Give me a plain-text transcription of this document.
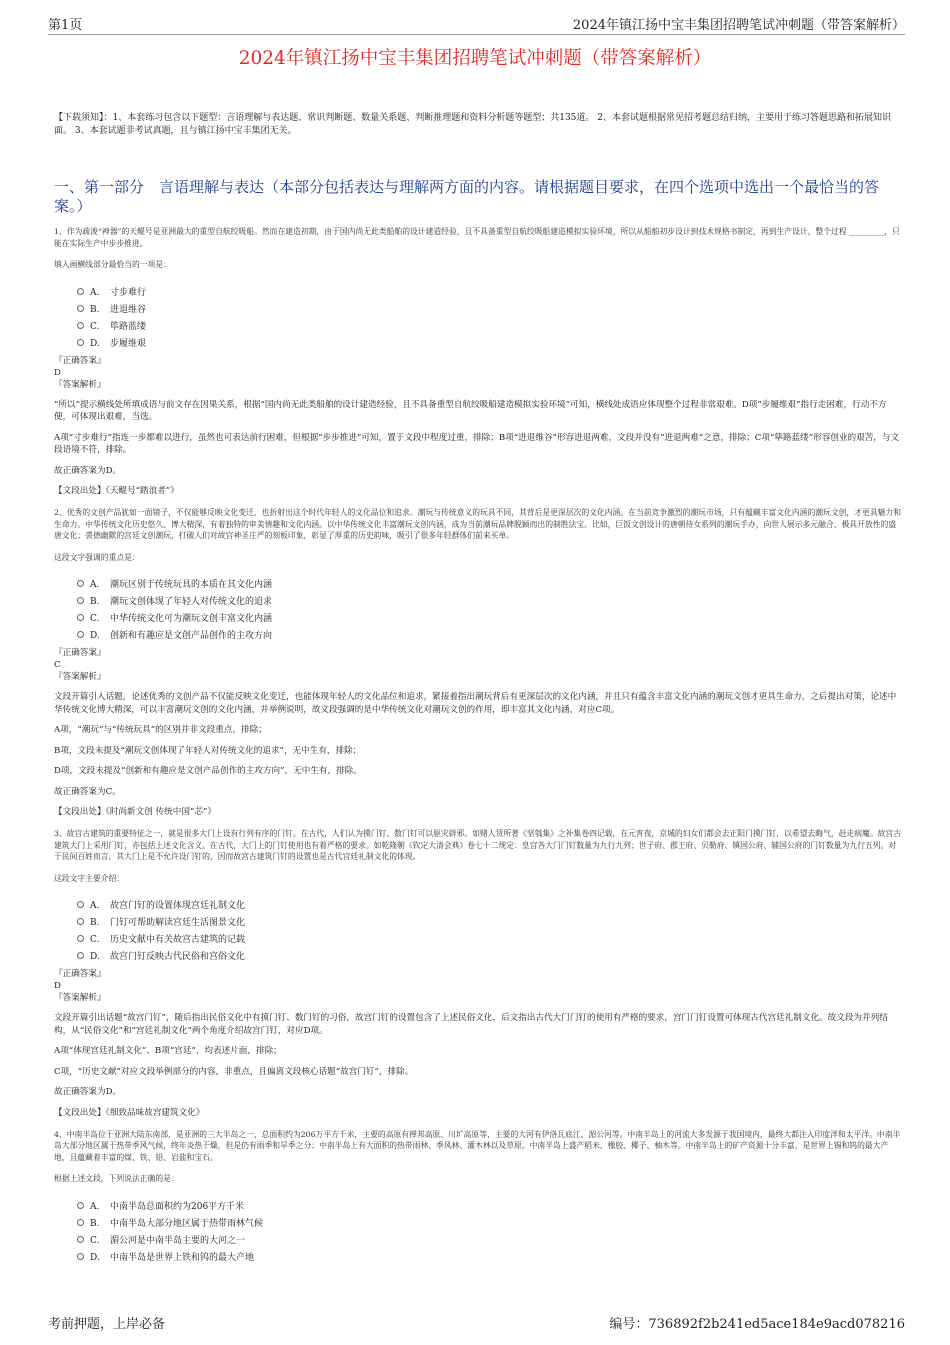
第1页	2024年镇江扬中宝丰集团招聘笔试冲刺题（带答案解析）
2024年镇江扬中宝丰集团招聘笔试冲刺题（带答案解析）
【下载须知】：1、本套练习包含以下题型：言语理解与表达题、常识判断题、数量关系题、判断推理题和资料分析题等题型；共135道。 2、本套试题根据常见招考题总结归纳，主要用于练习答题思路和拓展知识面。 3、本套试题非考试真题，且与镇江扬中宝丰集团无关。
一、第一部分　言语理解与表达（本部分包括表达与理解两方面的内容。请根据题目要求，在四个选项中选出一个最恰当的答案。）
1、作为疏浚“神器”的天鲲号是亚洲最大的重型自航绞吸船。然而在建造初期，由于国内尚无此类船舶的设计建造经验，且不具备重型自航绞吸船建造模拟实验环境，所以从船舶初步设计到技术规格书制定，再到生产设计，整个过程 _________，只能在实际生产中步步推进。
填入画横线部分最恰当的一项是：
A. 寸步难行
B. 进退维谷
C. 筚路蓝缕
D. 步履维艰
『正确答案』
D
『答案解析』
“所以”提示横线处所填成语与前文存在因果关系，根据“国内尚无此类船舶的设计建造经验，且不具备重型自航绞吸船建造模拟实验环境”可知，横线处成语应体现整个过程非常艰难。D项“步履维艰”指行走困难，行动不方便，可体现出艰难，当选。
A项“寸步难行”指连一步都难以进行，虽然也可表达前行困难，但根据“步步推进”可知，置于文段中程度过重，排除；B项“进退维谷”形容进退两难，文段并没有“进退两难”之意，排除；C项“筚路蓝缕”形容创业的艰苦，与文段语境不符，排除。
故正确答案为D。
【文段出处】《天鲲号“踏浪者”》
2、优秀的文创产品犹如一面镜子，不仅能够反映文化变迁，也折射出这个时代年轻人的文化品位和追求。潮玩与传统意义的玩具不同，其背后是更深层次的文化内涵。在当前竞争激烈的潮玩市场，只有蕴藏丰富文化内涵的潮玩文创，才更具魅力和生命力。中华传统文化历史悠久、博大精深，有着独特的审美情趣和文化内涵。以中华传统文化丰富潮玩文创内涵，成为当前潮玩品牌脱颖而出的制胜法宝。比如，巨饭文创设计的唐朝侍女系列的潮玩手办，向世人展示多元融合、极具开放性的盛唐文化；裘德幽默的宫廷文创潮玩，打破人们对故宫神圣庄严的刻板印象，彰显了厚重的历史韵味，吸引了很多年轻群体们前来买单。
这段文字强调的重点是：
A. 潮玩区别于传统玩具的本质在其文化内涵
B. 潮玩文创体现了年轻人对传统文化的追求
C. 中华传统文化可为潮玩文创丰富文化内涵
D. 创新和有趣应是文创产品创作的主攻方向
『正确答案』
C
『答案解析』
文段开篇引入话题，论述优秀的文创产品不仅能反映文化变迁，也能体现年轻人的文化品位和追求，紧接着指出潮玩背后有更深层次的文化内涵，并且只有蕴含丰富文化内涵的潮玩文创才更具生命力，之后提出对策，论述中华传统文化博大精深，可以丰富潮玩文创的文化内涵，并举例说明，故文段强调的是中华传统文化对潮玩文创的作用，即丰富其文化内涵，对应C项。
A项，“潮玩”与“传统玩具”的区别并非文段重点，排除；
B项，文段未提及“潮玩文创体现了年轻人对传统文化的追求”，无中生有，排除；
D项，文段未提及“创新和有趣应是文创产品创作的主攻方向”，无中生有，排除。
故正确答案为C。
【文段出处】《时尚新文创 传统中国“芯”》
3、故宫古建筑的重要特征之一，就是很多大门上设有行列有序的门钉。在古代，人们认为摸门钉、数门钉可以驱灾辟邪。如赌人赁所著《坚瓠集》之补集卷四记载，在元宵夜，京城的妇女们都会去正阳门摸门钉，以希望去晦气，赶走病魔。故宫古建筑大门上采用门钉，亦包括上述文化含义。在古代，大门上的门钉使用也有着严格的要求。如乾隆朝《钦定大清会典》卷七十二规定：皇宫各大门门钉数量为九行九列；世子府、郡王府、贝勒府、镇国公府、辅国公府的门钉数量为九行五列。对于民间百姓而言，其大门上是不允许设门钉的，因而故宫古建筑门钉的设置也是古代宫廷礼制文化的体现。
这段文字主要介绍：
A. 故宫门钉的设置体现宫廷礼制文化
B. 门钉可帮助解读宫廷生活图景文化
C. 历史文献中有关故宫古建筑的记载
D. 故宫门钉反映古代民俗和宫俗文化
『正确答案』
D
『答案解析』
文段开篇引出话题“故宫门钉”，随后指出民俗文化中有摸门钉、数门钉的习俗，故宫门钉的设置包含了上述民俗文化，后文指出古代大门门钉的使用有严格的要求，宫门门钉设置可体现古代宫廷礼制文化。故文段为并列结构，从“民俗文化”和“宫廷礼制文化”两个角度介绍故宫门钉，对应D项。
A项“体现宫廷礼制文化”、B项“宫廷”，均表述片面，排除；
C项，“历史文献”对应文段举例部分的内容，非重点，且偏离文段核心话题“故宫门钉”，排除。
故正确答案为D。
【文段出处】《细致品味故宫建筑文化》
4、中南半岛位于亚洲大陆东南部，是亚洲的三大半岛之一，总面积约为206万平方千米，主要的高原有掸邦高原、川圹高原等，主要的大河有伊洛瓦底江、湄公河等。中南半岛上的河流大多发源于我国境内，最终大都注入印度洋和太平洋。中南半岛大部分地区属于热带季风气候，终年炎热干燥，但是仍有雨季和旱季之分；中南半岛上有大面积的热带雨林、季风林、灌木林以及草原。中南半岛上盛产稻米、橡胶、椰子、柚木等。中南半岛上的矿产资源十分丰富，是世界上锡和钨的最大产地，且蕴藏着丰富的煤、铁、铅、岩盐和宝石。
根据上述文段，下列说法正确的是：
A. 中南半岛总面积约为206平方千米
B. 中南半岛大部分地区属于热带雨林气候
C. 湄公河是中南半岛主要的大河之一
D. 中南半岛是世界上铁和钨的最大产地
考前押题，上岸必备	编号：736892f2b241ed5ace184e9acd078216
